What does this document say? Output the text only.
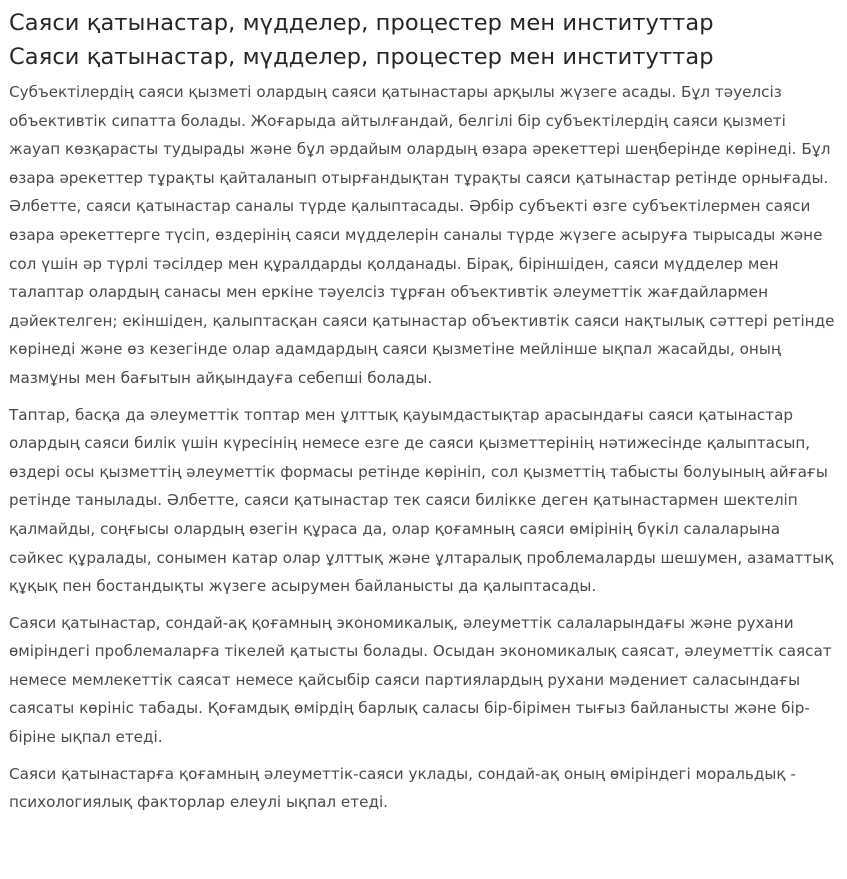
Саяси қатынастар, мүдделер, процестер мен институттар
Саяси қатынастар, мүдделер, процестер мен институттар

Субъектілердің саяси қызметі олардың саяси қатынастары арқылы жүзеге асады. Бұл тәуелсіз объективтік сипатта болады. Жоғарыда айтылғандай, белгілі бір субъектілердің саяси қызметі жауап көзқарасты тудырады және бұл әрдайым олардың өзара әрекеттері шеңберінде көрінеді. Бұл өзара әрекеттер тұрақты қайталанып отырғандықтан тұрақты саяси қатынастар ретінде орнығады. Әлбетте, саяси қатынастар саналы түрде қалыптасады. Әрбір субъекті өзге субъектілермен саяси өзара әрекеттерге түсіп, өздерінің саяси мүдделерін саналы түрде жүзеге асыруға тырысады және сол үшін әр түрлі тәсілдер мен құралдарды қолданады. Бірақ, біріншіден, саяси мүдделер мен талаптар олардың санасы мен еркіне тәуелсіз тұрған объективтік әлеуметтік жағдайлармен дәйектелген; екіншіден, қалыптасқан саяси қатынастар объективтік саяси нақтылық сәттері ретінде көрінеді және өз кезегінде олар адамдардың саяси қызметіне мейлінше ықпал жасайды, оның мазмұны мен бағытын айқындауға себепші болады.

Таптар, басқа да әлеуметтік топтар мен ұлттық қауымдастықтар арасындағы саяси қатынастар олардың саяси билік үшін күресінің немесе езге де саяси қызметтерінің нәтижесінде қалыптасып, өздері осы қызметтің әлеуметтік формасы ретінде көрініп, сол қызметтің табысты болуының айғағы ретінде танылады. Әлбетте, саяси қатынастар тек саяси билікке деген қатынастармен шектеліп қалмайды, соңғысы олардың өзегін құраса да, олар қоғамның саяси өмірінің бүкіл салаларына сәйкес құралады, сонымен катар олар ұлттық және ұлтаралық проблемаларды шешумен, азаматтық құқық пен бостандықты жүзеге асырумен байланысты да қалыптасады.

Саяси қатынастар, сондай-ақ қоғамның экономикалық, әлеуметтік салаларындағы және рухани өміріндегі проблемаларға тікелей қатысты болады. Осыдан экономикалық саясат, әлеуметтік саясат немесе мемлекеттік саясат немесе қайсыбір саяси партиялардың рухани мәдениет саласындағы саясаты көрініс табады. Қоғамдық өмірдің барлық саласы бір-бірімен тығыз байланысты және бір-біріне ықпал етеді.

Саяси қатынастарға қоғамның әлеуметтік-саяси уклады, сондай-ақ оның өміріндегі моральдық - психологиялық факторлар елеулі ықпал етеді.
